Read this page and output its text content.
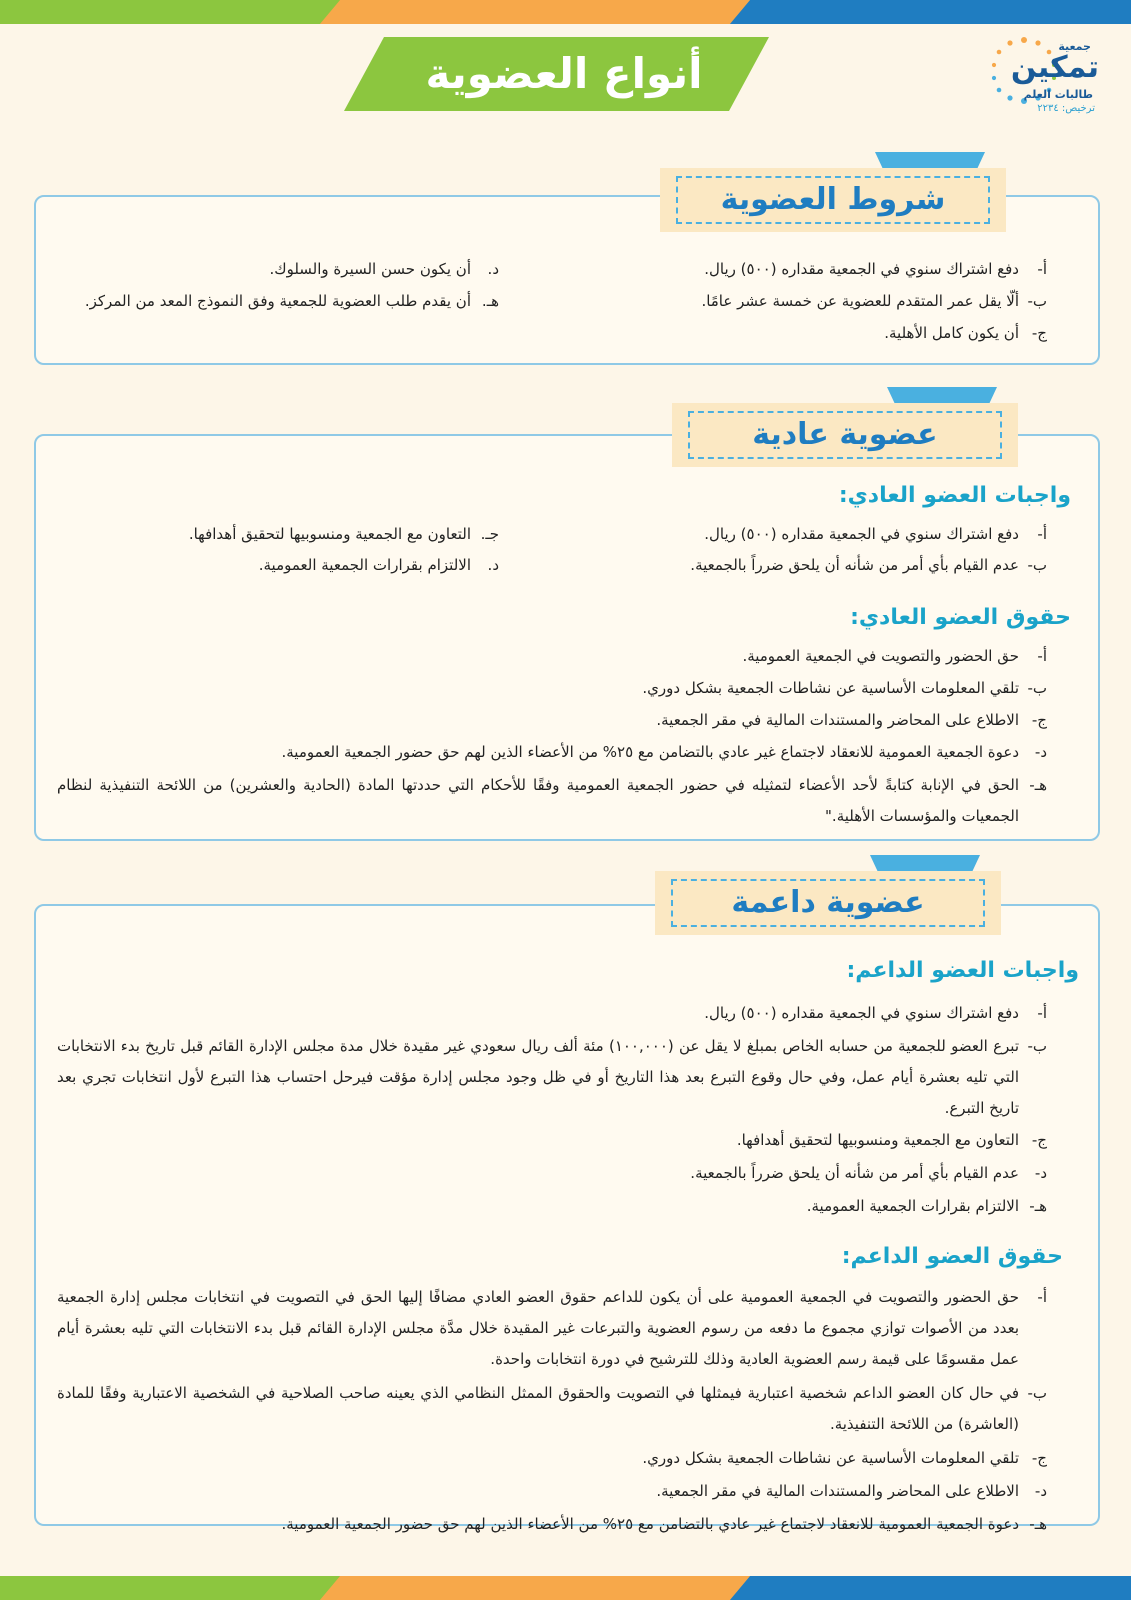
جمعية
تمكين
طالبات العلم
ترخيص: ٢٢٣٤
أنواع العضوية
شروط العضوية
أ-دفع اشتراك سنوي في الجمعية مقداره (٥٠٠) ريال.
ب-ألّا يقل عمر المتقدم للعضوية عن خمسة عشر عامًا.
ج-أن يكون كامل الأهلية.
د.أن يكون حسن السيرة والسلوك.
هـ.أن يقدم طلب العضوية للجمعية وفق النموذج المعد من المركز.
عضوية عادية
واجبات العضو العادي:
أ-دفع اشتراك سنوي في الجمعية مقداره (٥٠٠) ريال.
ب-عدم القيام بأي أمر من شأنه أن يلحق ضرراً بالجمعية.
جـ.التعاون مع الجمعية ومنسوبيها لتحقيق أهدافها.
د.الالتزام بقرارات الجمعية العمومية.
حقوق العضو العادي:
أ-حق الحضور والتصويت في الجمعية العمومية.
ب-تلقي المعلومات الأساسية عن نشاطات الجمعية بشكل دوري.
ج-الاطلاع على المحاضر والمستندات المالية في مقر الجمعية.
د-دعوة الجمعية العمومية للانعقاد لاجتماع غير عادي بالتضامن مع ٢٥% من الأعضاء الذين لهم حق حضور الجمعية العمومية.
هـ-
الحق في الإنابة كتابةً لأحد الأعضاء لتمثيله في حضور الجمعية العمومية وفقًا للأحكام التي حددتها المادة (الحادية والعشرين) من اللائحة التنفيذية لنظام الجمعيات والمؤسسات الأهلية."
عضوية داعمة
واجبات العضو الداعم:
أ-دفع اشتراك سنوي في الجمعية مقداره (٥٠٠) ريال.
ب-
تبرع العضو للجمعية من حسابه الخاص بمبلغ لا يقل عن (١٠٠,٠٠٠) مئة ألف ريال سعودي غير مقيدة خلال مدة مجلس الإدارة القائم قبل تاريخ بدء الانتخابات التي تليه بعشرة أيام عمل، وفي حال وقوع التبرع بعد هذا التاريخ أو في ظل وجود مجلس إدارة مؤقت فيرحل احتساب هذا التبرع لأول انتخابات تجري بعد تاريخ التبرع.
ج-التعاون مع الجمعية ومنسوبيها لتحقيق أهدافها.
د-عدم القيام بأي أمر من شأنه أن يلحق ضرراً بالجمعية.
هـ-الالتزام بقرارات الجمعية العمومية.
حقوق العضو الداعم:
أ-
حق الحضور والتصويت في الجمعية العمومية على أن يكون للداعم حقوق العضو العادي مضافًا إليها الحق في التصويت في انتخابات مجلس إدارة الجمعية بعدد من الأصوات توازي مجموع ما دفعه من رسوم العضوية والتبرعات غير المقيدة خلال مدَّة مجلس الإدارة القائم قبل بدء الانتخابات التي تليه بعشرة أيام عمل مقسومًا على قيمة رسم العضوية العادية وذلك للترشيح في دورة انتخابات واحدة.
ب-
في حال كان العضو الداعم شخصية اعتبارية فيمثلها في التصويت والحقوق الممثل النظامي الذي يعينه صاحب الصلاحية في الشخصية الاعتبارية وفقًا للمادة (العاشرة) من اللائحة التنفيذية.
ج-تلقي المعلومات الأساسية عن نشاطات الجمعية بشكل دوري.
د-الاطلاع على المحاضر والمستندات المالية في مقر الجمعية.
هـ-دعوة الجمعية العمومية للانعقاد لاجتماع غير عادي بالتضامن مع ٢٥% من الأعضاء الذين لهم حق حضور الجمعية العمومية.
